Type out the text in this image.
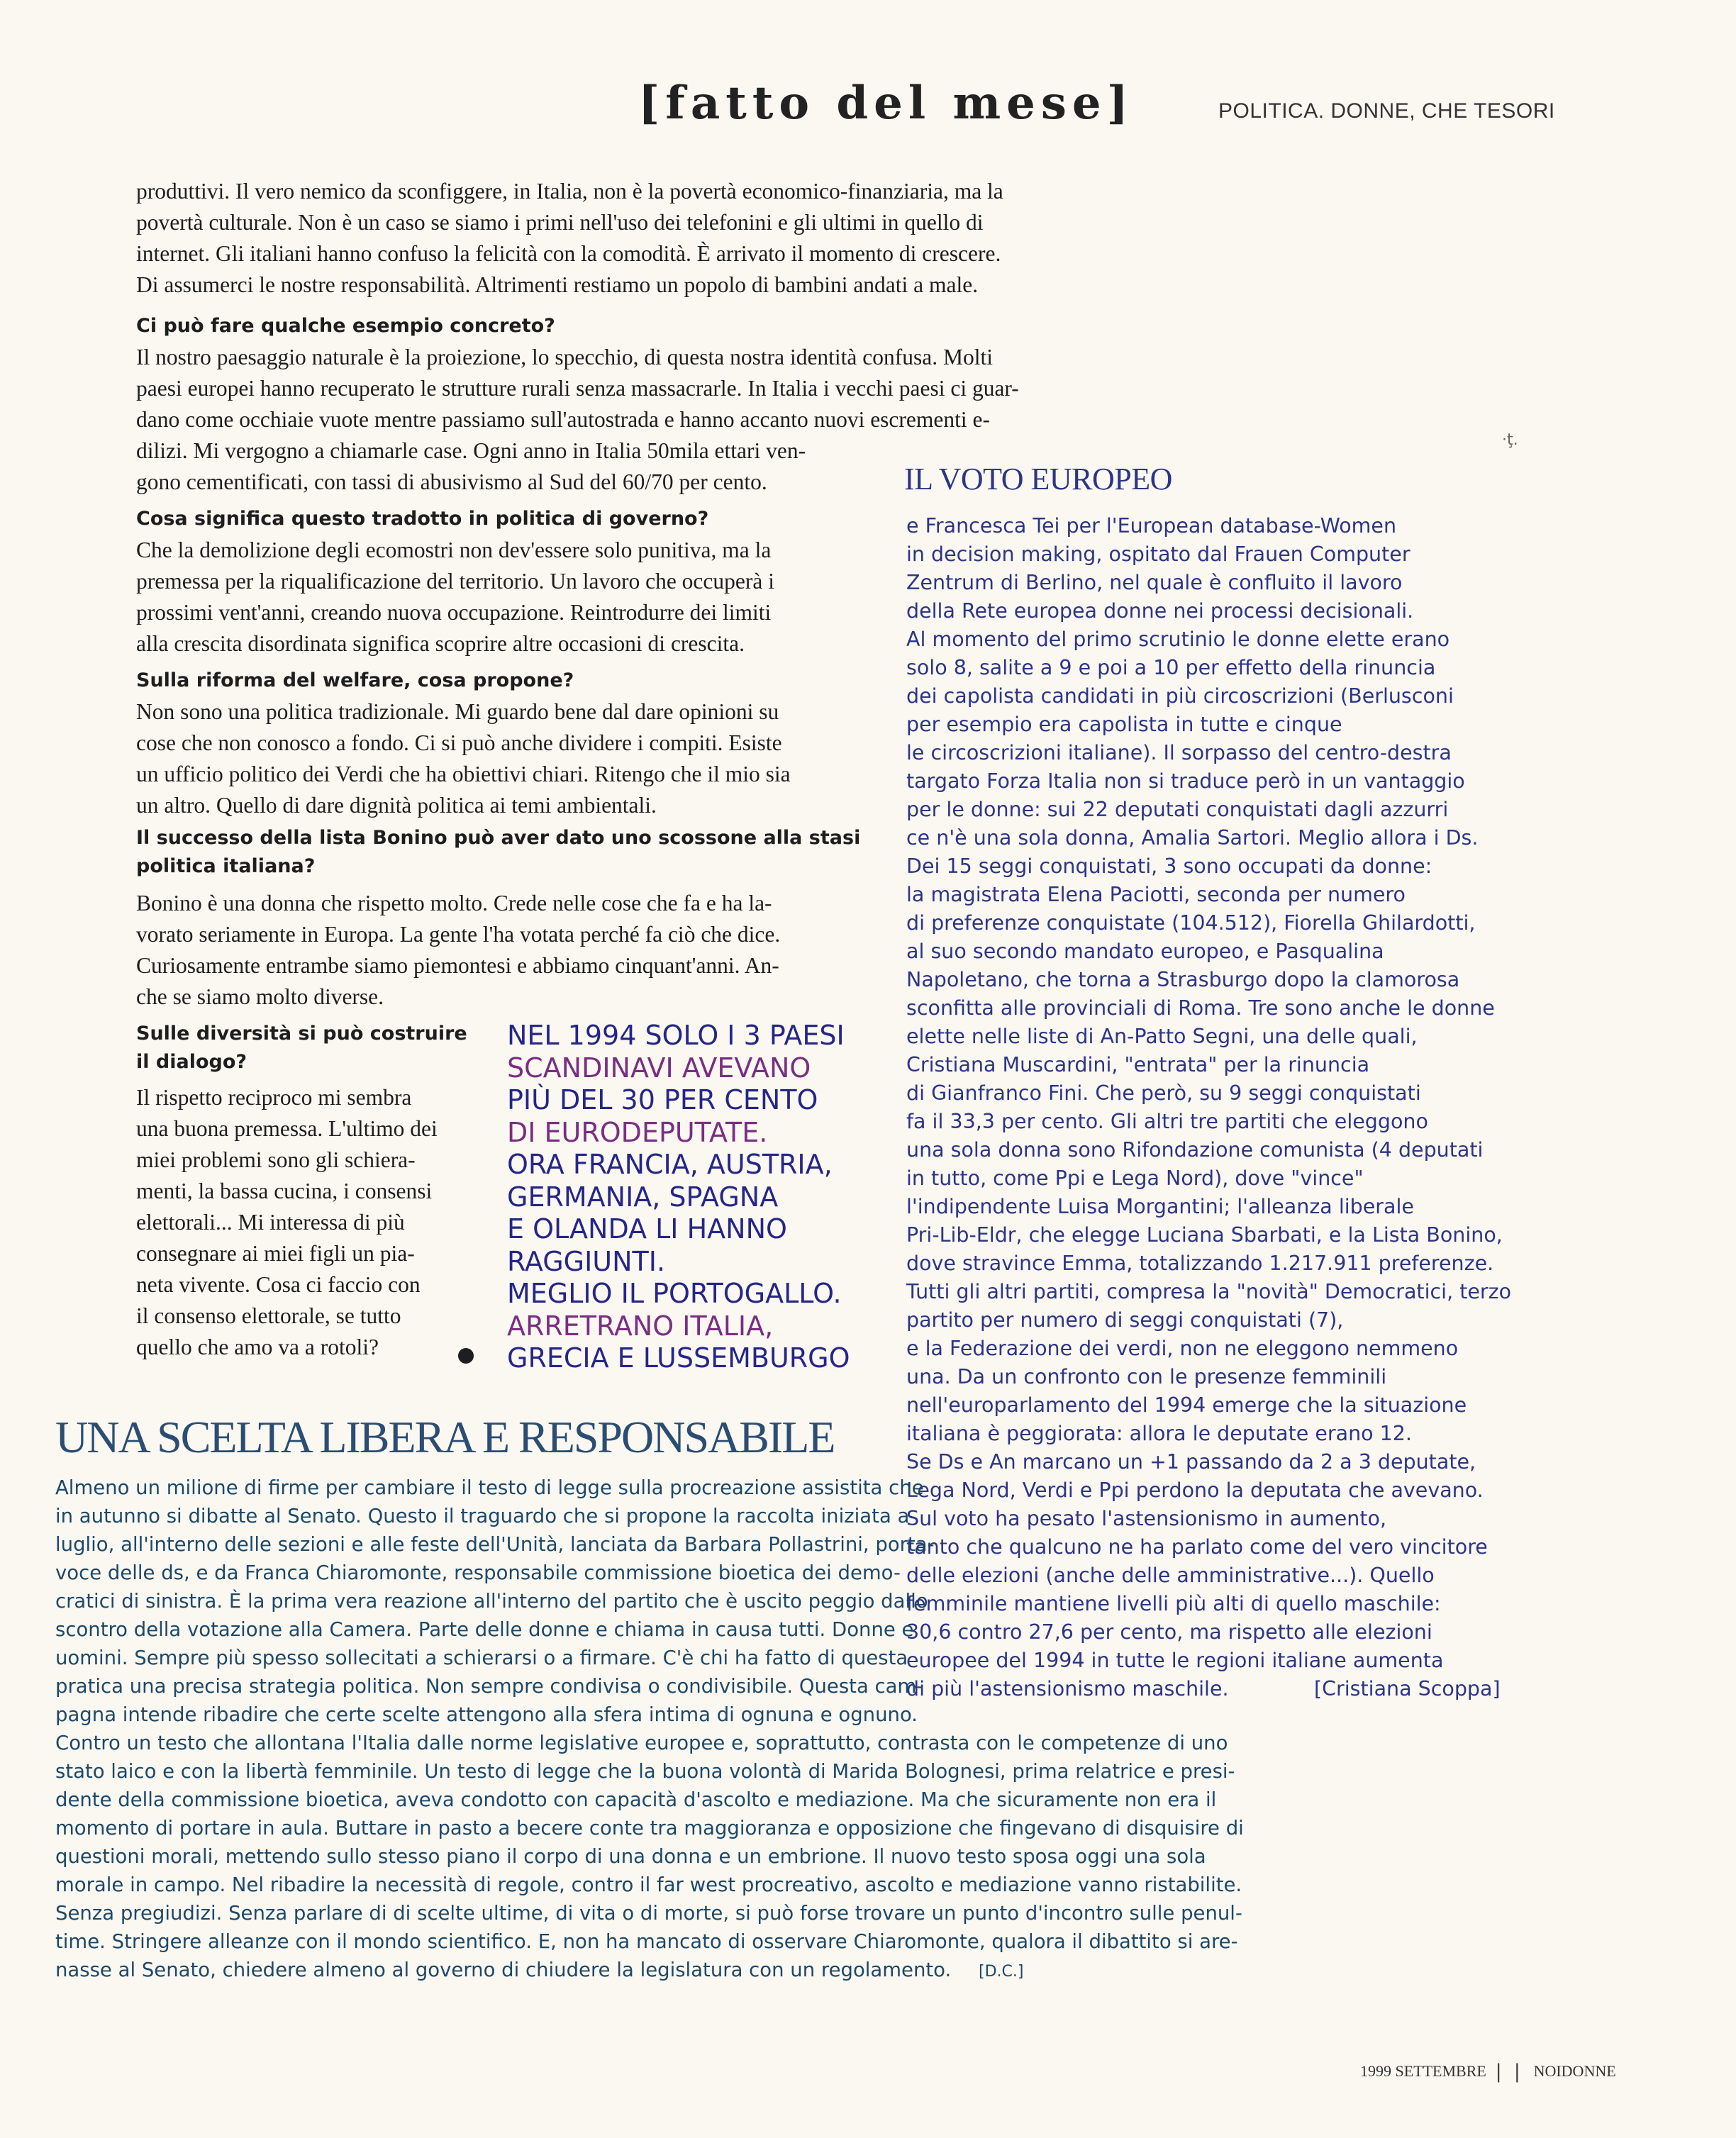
[fatto del mese]	POLITICA. DONNE, CHE TESORI

produttivi. Il vero nemico da sconfiggere, in Italia, non è la povertà economico-finanziaria, ma la

povertà culturale. Non è un caso se siamo i primi nell'uso dei telefonini e gli ultimi in quello di

internet. Gli italiani hanno confuso la felicità con la comodità. È arrivato il momento di crescere.

Di assumerci le nostre responsabilità. Altrimenti restiamo un popolo di bambini andati a male.

Ci può fare qualche esempio concreto?

Il nostro paesaggio naturale è la proiezione, lo specchio, di questa nostra identità confusa. Molti

paesi europei hanno recuperato le strutture rurali senza massacrarle. In Italia i vecchi paesi ci guar-

dano come occhiaie vuote mentre passiamo sull'autostrada e hanno accanto nuovi escrementi e-

dilizi. Mi vergogno a chiamarle case. Ogni anno in Italia 50mila ettari ven-

gono cementificati, con tassi di abusivismo al Sud del 60/70 per cento.

Cosa significa questo tradotto in politica di governo?

Che la demolizione degli ecomostri non dev'essere solo punitiva, ma la

premessa per la riqualificazione del territorio. Un lavoro che occuperà i

prossimi vent'anni, creando nuova occupazione. Reintrodurre dei limiti

alla crescita disordinata significa scoprire altre occasioni di crescita.

Sulla riforma del welfare, cosa propone?

Non sono una politica tradizionale. Mi guardo bene dal dare opinioni su

cose che non conosco a fondo. Ci si può anche dividere i compiti. Esiste

un ufficio politico dei Verdi che ha obiettivi chiari. Ritengo che il mio sia

un altro. Quello di dare dignità politica ai temi ambientali.

Il successo della lista Bonino può aver dato uno scossone alla stasi

politica italiana?

Bonino è una donna che rispetto molto. Crede nelle cose che fa e ha la-

vorato seriamente in Europa. La gente l'ha votata perché fa ciò che dice.

Curiosamente entrambe siamo piemontesi e abbiamo cinquant'anni. An-

che se siamo molto diverse.

Sulle diversità si può costruire

il dialogo?

Il rispetto reciproco mi sembra

una buona premessa. L'ultimo dei

miei problemi sono gli schiera-

menti, la bassa cucina, i consensi

elettorali... Mi interessa di più

consegnare ai miei figli un pia-

neta vivente. Cosa ci faccio con

il consenso elettorale, se tutto

quello che amo va a rotoli?

NEL 1994 SOLO I 3 PAESI
SCANDINAVI AVEVANO
PIÙ DEL 30 PER CENTO
DI EURODEPUTATE.
ORA FRANCIA, AUSTRIA,
GERMANIA, SPAGNA
E OLANDA LI HANNO
RAGGIUNTI.
MEGLIO IL PORTOGALLO.
ARRETRANO ITALIA,
GRECIA E LUSSEMBURGO
·ţ.
IL VOTO EUROPEO
e Francesca Tei per l'European database-Women
in decision making, ospitato dal Frauen Computer
Zentrum di Berlino, nel quale è confluito il lavoro
della Rete europea donne nei processi decisionali.
Al momento del primo scrutinio le donne elette erano
solo 8, salite a 9 e poi a 10 per effetto della rinuncia
dei capolista candidati in più circoscrizioni (Berlusconi
per esempio era capolista in tutte e cinque
le circoscrizioni italiane). Il sorpasso del centro-destra
targato Forza Italia non si traduce però in un vantaggio
per le donne: sui 22 deputati conquistati dagli azzurri
ce n'è una sola donna, Amalia Sartori. Meglio allora i Ds.
Dei 15 seggi conquistati, 3 sono occupati da donne:
la magistrata Elena Paciotti, seconda per numero
di preferenze conquistate (104.512), Fiorella Ghilardotti,
al suo secondo mandato europeo, e Pasqualina
Napoletano, che torna a Strasburgo dopo la clamorosa
sconfitta alle provinciali di Roma. Tre sono anche le donne
elette nelle liste di An-Patto Segni, una delle quali,
Cristiana Muscardini, "entrata" per la rinuncia
di Gianfranco Fini. Che però, su 9 seggi conquistati
fa il 33,3 per cento. Gli altri tre partiti che eleggono
una sola donna sono Rifondazione comunista (4 deputati
in tutto, come Ppi e Lega Nord), dove "vince"
l'indipendente Luisa Morgantini; l'alleanza liberale
Pri-Lib-Eldr, che elegge Luciana Sbarbati, e la Lista Bonino,
dove stravince Emma, totalizzando 1.217.911 preferenze.
Tutti gli altri partiti, compresa la "novità" Democratici, terzo
partito per numero di seggi conquistati (7),
e la Federazione dei verdi, non ne eleggono nemmeno
una. Da un confronto con le presenze femminili
nell'europarlamento del 1994 emerge che la situazione
italiana è peggiorata: allora le deputate erano 12.
Se Ds e An marcano un +1 passando da 2 a 3 deputate,
Lega Nord, Verdi e Ppi perdono la deputata che avevano.
Sul voto ha pesato l'astensionismo in aumento,
tanto che qualcuno ne ha parlato come del vero vincitore
delle elezioni (anche delle amministrative...). Quello
femminile mantiene livelli più alti di quello maschile:
30,6 contro 27,6 per cento, ma rispetto alle elezioni
europee del 1994 in tutte le regioni italiane aumenta
di più l'astensionismo maschile.	[Cristiana Scoppa]
UNA SCELTA LIBERA E RESPONSABILE
Almeno un milione di firme per cambiare il testo di legge sulla procreazione assistita che
in autunno si dibatte al Senato. Questo il traguardo che si propone la raccolta iniziata a
luglio, all'interno delle sezioni e alle feste dell'Unità, lanciata da Barbara Pollastrini, porta-
voce delle ds, e da Franca Chiaromonte, responsabile commissione bioetica dei demo-
cratici di sinistra. È la prima vera reazione all'interno del partito che è uscito peggio dallo
scontro della votazione alla Camera. Parte delle donne e chiama in causa tutti. Donne e
uomini. Sempre più spesso sollecitati a schierarsi o a firmare. C'è chi ha fatto di questa
pratica una precisa strategia politica. Non sempre condivisa o condivisibile. Questa cam-
pagna intende ribadire che certe scelte attengono alla sfera intima di ognuna e ognuno.
Contro un testo che allontana l'Italia dalle norme legislative europee e, soprattutto, contrasta con le competenze di uno
stato laico e con la libertà femminile. Un testo di legge che la buona volontà di Marida Bolognesi, prima relatrice e presi-
dente della commissione bioetica, aveva condotto con capacità d'ascolto e mediazione. Ma che sicuramente non era il
momento di portare in aula. Buttare in pasto a becere conte tra maggioranza e opposizione che fingevano di disquisire di
questioni morali, mettendo sullo stesso piano il corpo di una donna e un embrione. Il nuovo testo sposa oggi una sola
morale in campo. Nel ribadire la necessità di regole, contro il far west procreativo, ascolto e mediazione vanno ristabilite.
Senza pregiudizi. Senza parlare di di scelte ultime, di vita o di morte, si può forse trovare un punto d'incontro sulle penul-
time. Stringere alleanze con il mondo scientifico. E, non ha mancato di osservare Chiaromonte, qualora il dibattito si are-
nasse al Senato, chiedere almeno al governo di chiudere la legislatura con un regolamento. [D.C.]
1999 SETTEMBRE | | NOIDONNE
